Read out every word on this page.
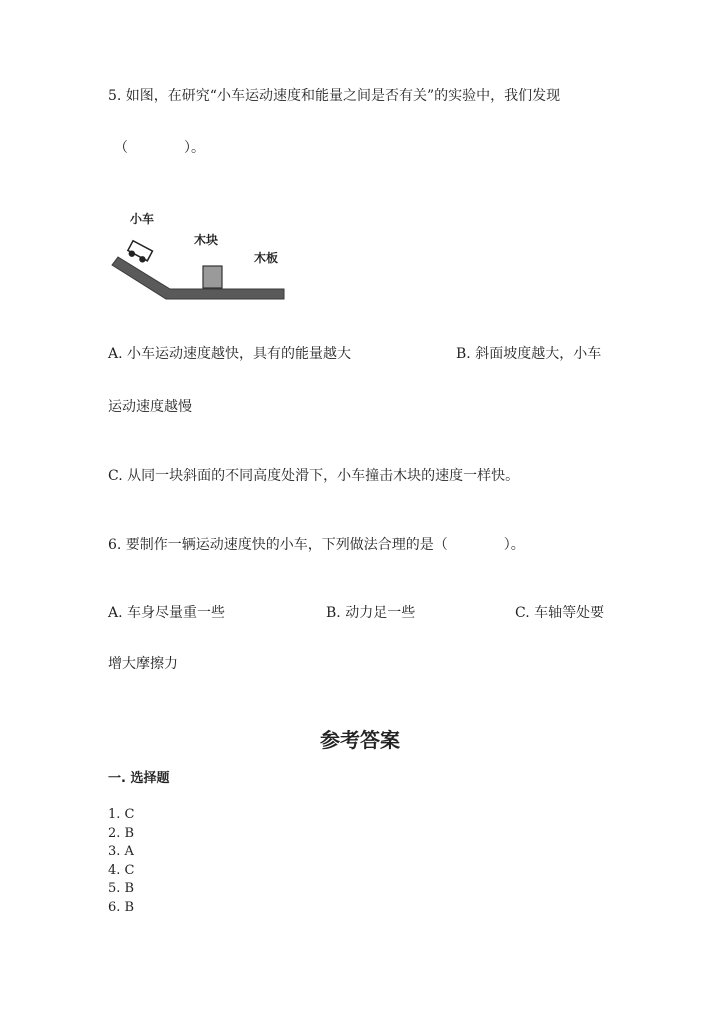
5. 如图，在研究“小车运动速度和能量之间是否有关”的实验中，我们发现
（　　　　）。
小车
木块
木板
A. 小车运动速度越快，具有的能量越大	B. 斜面坡度越大，小车
运动速度越慢
C. 从同一块斜面的不同高度处滑下，小车撞击木块的速度一样快。
6. 要制作一辆运动速度快的小车，下列做法合理的是（　　　　）。
A. 车身尽量重一些	B. 动力足一些	C. 车轴等处要
增大摩擦力
参考答案
一. 选择题
1. C
2. B
3. A
4. C
5. B
6. B
